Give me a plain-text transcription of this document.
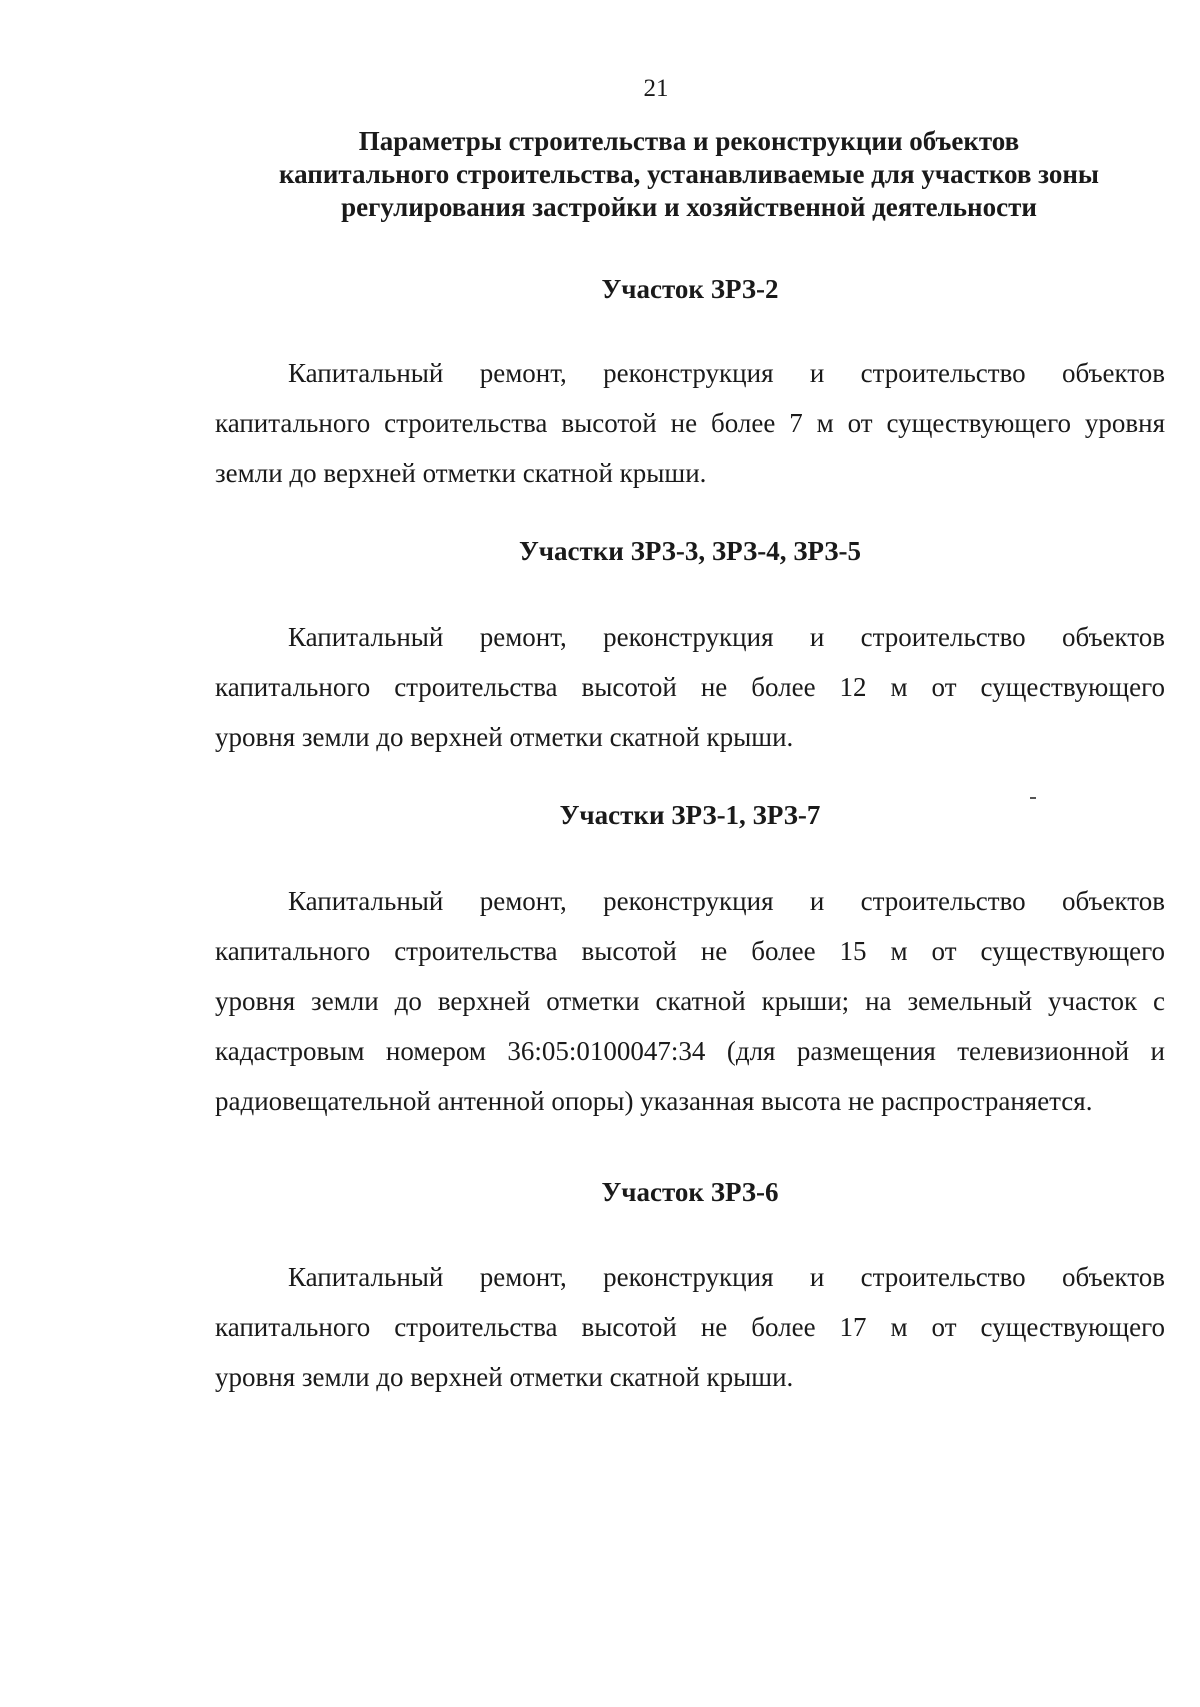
21
Параметры строительства и реконструкции объектов
капитального строительства, устанавливаемые для участков зоны
регулирования застройки и хозяйственной деятельности
Участок ЗРЗ-2

Капитальный ремонт, реконструкция и строительство объектов
капитального строительства высотой не более 7 м от существующего уровня
земли до верхней отметки скатной крыши.

Участки ЗРЗ-3, ЗРЗ-4, ЗРЗ-5

Капитальный ремонт, реконструкция и строительство объектов
капитального строительства высотой не более 12 м от существующего
уровня земли до верхней отметки скатной крыши.

Участки ЗРЗ-1, ЗРЗ-7

Капитальный ремонт, реконструкция и строительство объектов
капитального строительства высотой не более 15 м от существующего
уровня земли до верхней отметки скатной крыши; на земельный участок с
кадастровым номером 36:05:0100047:34 (для размещения телевизионной и
радиовещательной антенной опоры) указанная высота не распространяется.

Участок ЗРЗ-6

Капитальный ремонт, реконструкция и строительство объектов
капитального строительства высотой не более 17 м от существующего
уровня земли до верхней отметки скатной крыши.
